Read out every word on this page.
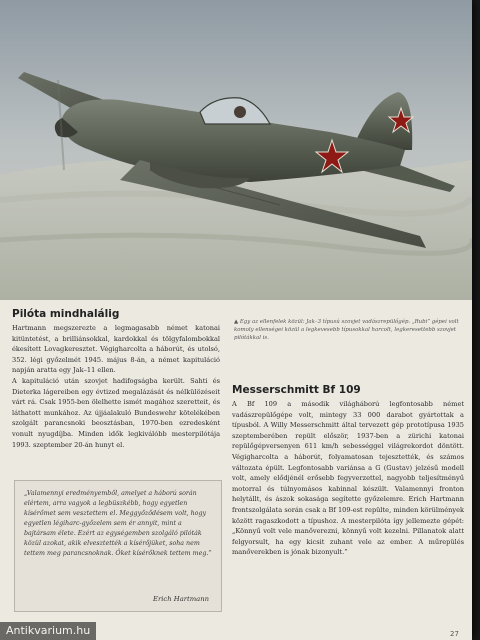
Pilóta mindhalálig

Hartmann megszerezte a legmagasabb német katonai kitüntetést, a brilliánsokkal, kardokkal és tölgyfalombokkal ékesített Lovagkeresztet. Végigharcolta a háborút, és utolsó, 352. légi győzelmét 1945. május 8-án, a német kapituláció napján aratta egy Jak–11 ellen.

A kapituláció után szovjet hadifogságba került. Sahti és Dieterka lágereiben egy évtized megalázását és nélkülözéseit várt rá. Csak 1955-ben ölelhette ismét magához szeretteit, és láthatott munkához. Az újjáalakuló Bundeswehr kötelékében szolgált parancsnoki beosztásban, 1970-ben ezredesként vonult nyugdíjba. Minden idők legkiválóbb mesterpilótája 1993. szeptember 20-án hunyt el.

„Valamennyi eredményemből, amelyet a háború során elértem, arra vagyok a legbüszkébb, hogy egyetlen kísérőmet sem vesztettem el. Meggyőződésem volt, hogy egyetlen légiharc-győzelem sem ér annyit, mint a bajtársam élete. Ezért az egységemben szolgáló pilóták közül azokat, akik elvesztették a kísérőjüket, soha nem tettem meg parancsnoknak. Őket kísérőknek tettem meg.”

Erich Hartmann

▲ Egy az ellenfelek közül: Jak–3 típusú szovjet vadászrepülőgép. „Rubi” gépei volt komoly ellenségei közül a legkevesebb típusokkal harcolt, legkeresettebb szovjet pilótákkal is.

Messerschmitt Bf 109

A Bf 109 a második világháború legfontosabb német vadászrepülőgépe volt, mintegy 33 000 darabot gyártottak a típusból. A Willy Messerschmitt által tervezett gép prototípusa 1935 szeptemberében repült először, 1937-ben a zürichi katonai repülőgépversenyen 611 km/h sebességgel világrekordot döntött. Végigharcolta a háborút, folyamatosan tejesztették, és számos változata épült. Legfontosabb variánsa a G (Gustav) jelzésű modell volt, amely elődjénél erősebb fegyverzettel, nagyobb teljesítményű motorral és túlnyomásos kabinnal készült. Valamennyi fronton helytállt, és ászok sokasága segítette győzelemre. Erich Hartmann frontszolgálata során csak a Bf 109-est repülte, minden körülmények között ragaszkodott a típushoz. A mesterpilóta így jellemezte gépét: „Könnyű volt vele manőverezni, könnyű volt kezelni. Pillanatok alatt felgyorsult, ha egy kicsit zuhant vele az ember. A műrepülés manőverekben is jónak bizonyult.”

27
Antikvarium.hu
